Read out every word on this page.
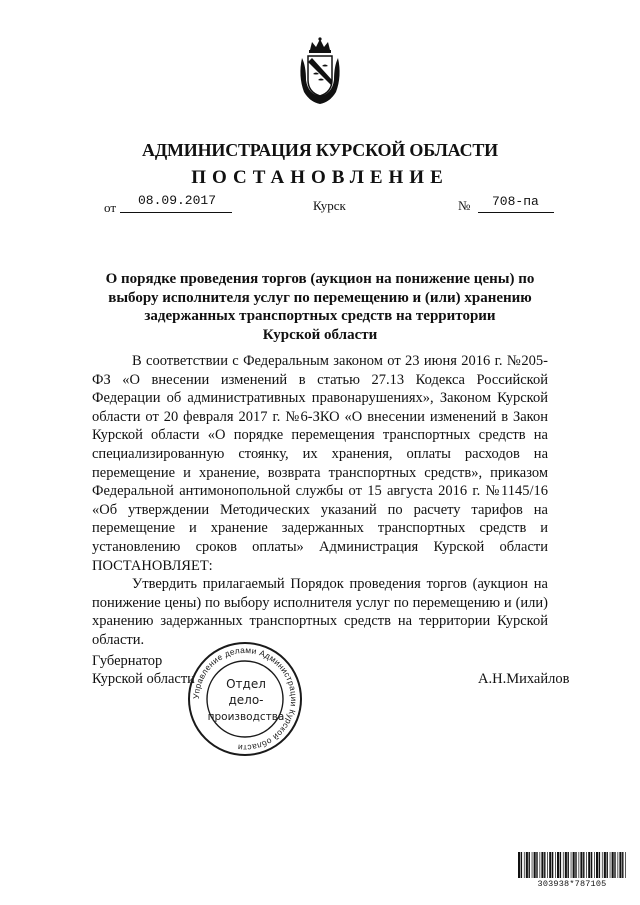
АДМИНИСТРАЦИЯ КУРСКОЙ ОБЛАСТИ
ПОСТАНОВЛЕНИЕ
от 08.09.2017	Курск	№ 708-па
О порядке проведения торгов (аукцион на понижение цены) по
выбору исполнителя услуг по перемещению и (или) хранению
задержанных транспортных средств на территории
Курской области

В соответствии с Федеральным законом от 23 июня 2016 г. №205-ФЗ «О внесении изменений в статью 27.13 Кодекса Российской Федерации об административных правонарушениях», Законом Курской области от 20 февраля 2017 г. №6-ЗКО «О внесении изменений в Закон Курской области «О порядке перемещения транспортных средств на специализированную стоянку, их хранения, оплаты расходов на перемещение и хранение, возврата транспортных средств», приказом Федеральной антимонопольной службы от 15 августа 2016 г. №1145/16 «Об утверждении Методических указаний по расчету тарифов на перемещение и хранение задержанных транспортных средств и установлению сроков оплаты» Администрация Курской области ПОСТАНОВЛЯЕТ:

Утвердить прилагаемый Порядок проведения торгов (аукцион на понижение цены) по выбору исполнителя услуг по перемещению и (или) хранению задержанных транспортных средств на территории Курской области.

Губернатор
Курской области
Управление делами Администрации Курской области
Отдел
дело-
производства
А.Н.Михайлов
303938*787105
